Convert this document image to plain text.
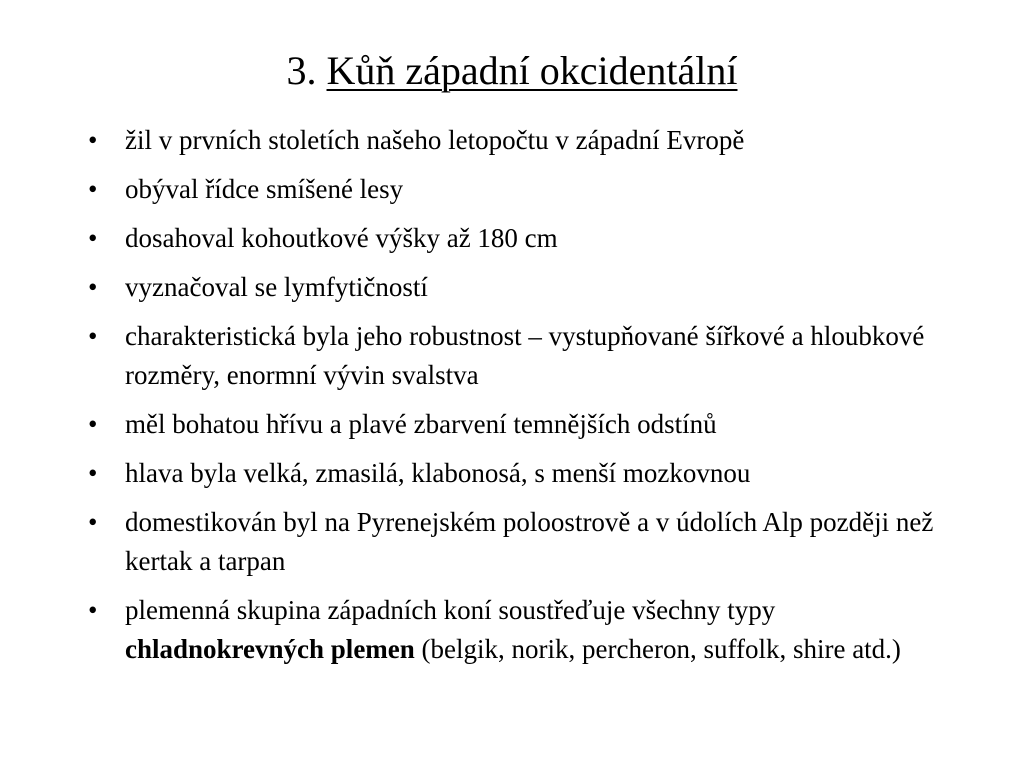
3. Kůň západní okcidentální
•	žil v prvních stoletích našeho letopočtu v západní Evropě
•	obýval řídce smíšené lesy
•	dosahoval kohoutkové výšky až 180 cm
•	vyznačoval se lymfytičností
•	charakteristická byla jeho robustnost – vystupňované šířkové a hloubkové rozměry, enormní vývin svalstva
•	měl bohatou hřívu a plavé zbarvení temnějších odstínů
•	hlava byla velká, zmasilá, klabonosá, s menší mozkovnou
•	domestikován byl na Pyrenejském poloostrově a v údolích Alp později než kertak a tarpan
•	plemenná skupina západních koní soustřeďuje všechny typy chladnokrevných plemen (belgik, norik, percheron, suffolk, shire atd.)
